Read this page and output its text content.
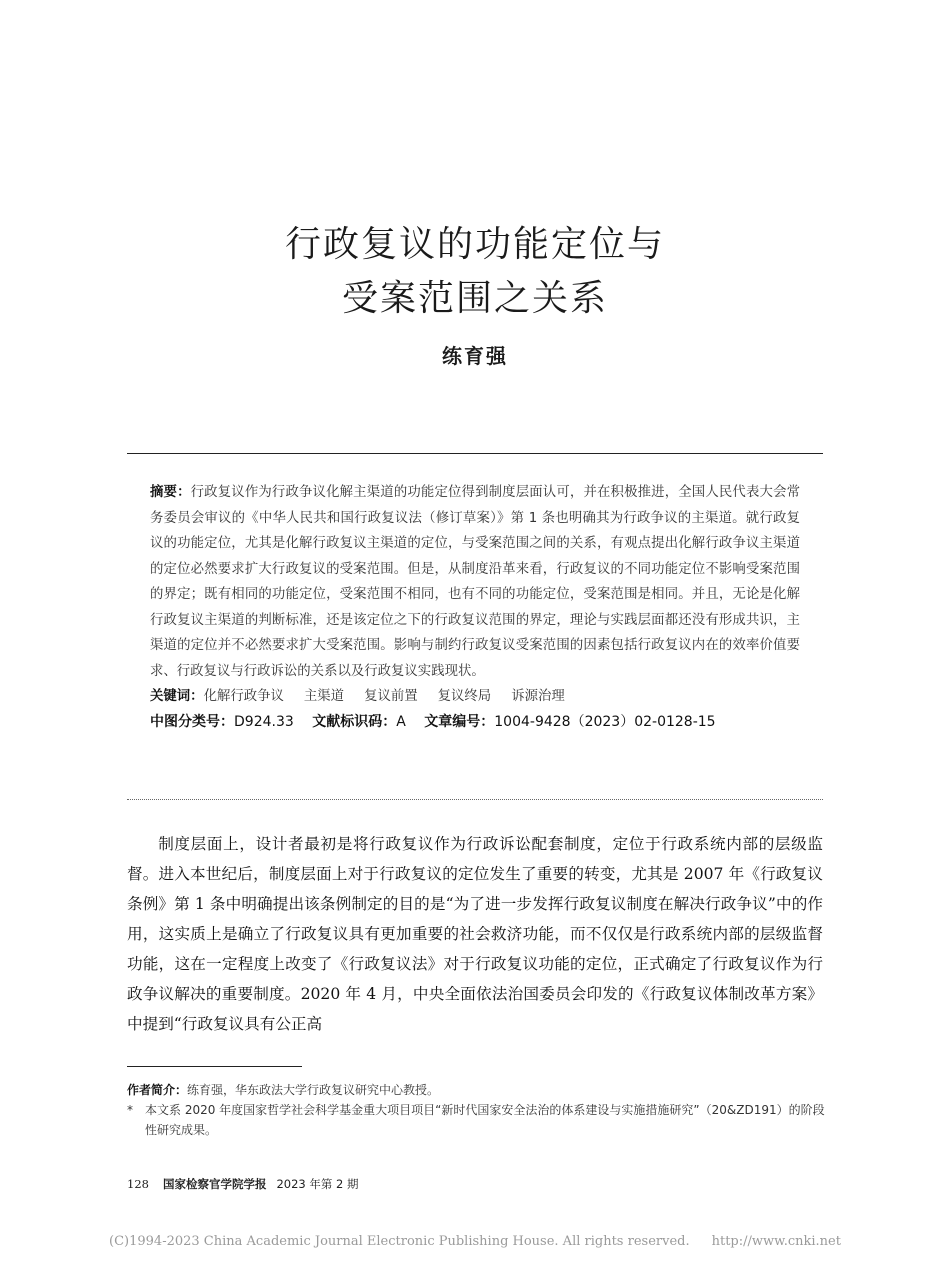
行政复议的功能定位与
受案范围之关系
练育强
摘要：行政复议作为行政争议化解主渠道的功能定位得到制度层面认可，并在积极推进，全国人民代表大会常务委员会审议的《中华人民共和国行政复议法（修订草案）》第 1 条也明确其为行政争议的主渠道。就行政复议的功能定位，尤其是化解行政复议主渠道的定位，与受案范围之间的关系，有观点提出化解行政争议主渠道的定位必然要求扩大行政复议的受案范围。但是，从制度沿革来看，行政复议的不同功能定位不影响受案范围的界定；既有相同的功能定位，受案范围不相同，也有不同的功能定位，受案范围是相同。并且，无论是化解行政复议主渠道的判断标准，还是该定位之下的行政复议范围的界定，理论与实践层面都还没有形成共识，主渠道的定位并不必然要求扩大受案范围。影响与制约行政复议受案范围的因素包括行政复议内在的效率价值要求、行政复议与行政诉讼的关系以及行政复议实践现状。
关键词：化解行政争议 主渠道 复议前置 复议终局 诉源治理
中图分类号：D924.33 文献标识码：A 文章编号：1004-9428（2023）02-0128-15
制度层面上，设计者最初是将行政复议作为行政诉讼配套制度，定位于行政系统内部的层级监督。进入本世纪后，制度层面上对于行政复议的定位发生了重要的转变，尤其是 2007 年《行政复议条例》第 1 条中明确提出该条例制定的目的是“为了进一步发挥行政复议制度在解决行政争议”中的作用，这实质上是确立了行政复议具有更加重要的社会救济功能，而不仅仅是行政系统内部的层级监督功能，这在一定程度上改变了《行政复议法》对于行政复议功能的定位，正式确定了行政复议作为行政争议解决的重要制度。2020 年 4 月，中央全面依法治国委员会印发的《行政复议体制改革方案》中提到“行政复议具有公正高
作者简介：练育强，华东政法大学行政复议研究中心教授。
*	本文系 2020 年度国家哲学社会科学基金重大项目项目“新时代国家安全法治的体系建设与实施措施研究”（20&ZD191）的阶段性研究成果。
128 国家检察官学院学报 2023 年第 2 期
(C)1994-2023 China Academic Journal Electronic Publishing House. All rights reserved. http://www.cnki.net
